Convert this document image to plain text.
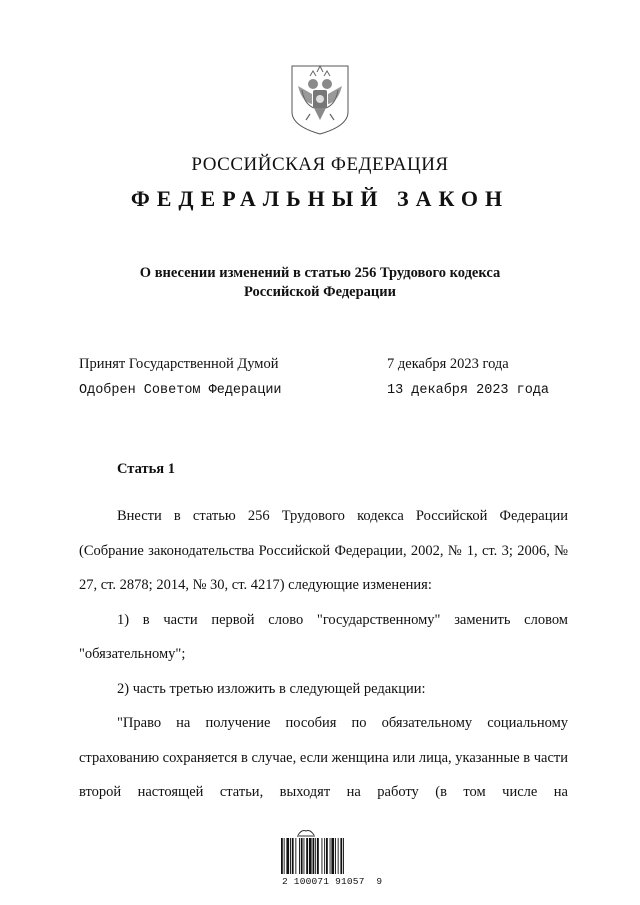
РОССИЙСКАЯ ФЕДЕРАЦИЯ
ФЕДЕРАЛЬНЫЙ ЗАКОН
О внесении изменений в статью 256 Трудового кодекса
Российской Федерации
Принят Государственной Думой	7 декабря 2023 года
Одобрен Советом Федерации	13 декабря 2023 года
Статья 1

Внести в статью 256 Трудового кодекса Российской Федерации (Собрание законодательства Российской Федерации, 2002, № 1, ст. 3; 2006, № 27, ст. 2878; 2014, № 30, ст. 4217) следующие изменения:

1) в части первой слово "государственному" заменить словом "обязательному";

2) часть третью изложить в следующей редакции:

"Право на получение пособия по обязательному социальному страхованию сохраняется в случае, если женщина или лица, указанные в части второй настоящей статьи, выходят на работу (в том числе на

2 100071 91057  9
